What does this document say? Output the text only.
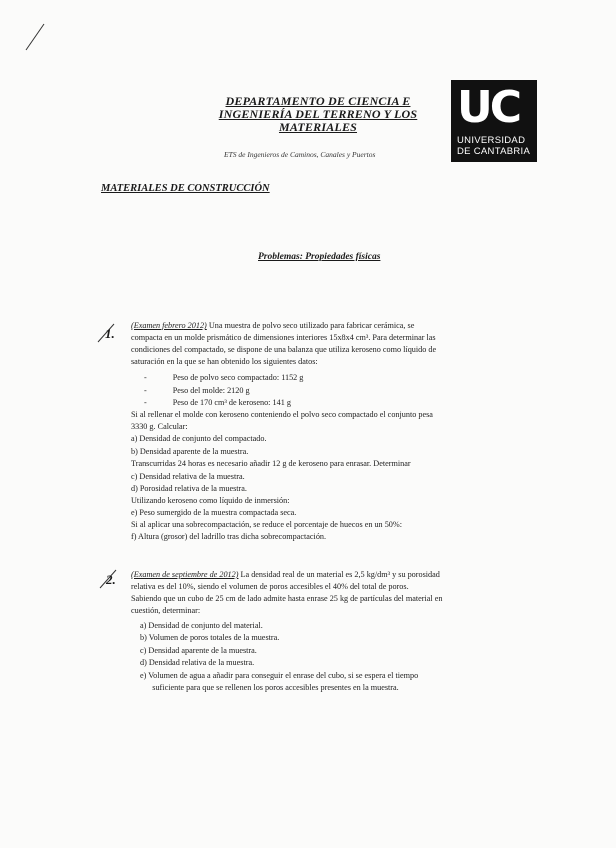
DEPARTAMENTO DE CIENCIA E
INGENIERÍA DEL TERRENO Y LOS
MATERIALES
ETS de Ingenieros de Caminos, Canales y Puertos
UC
UNIVERSIDAD
DE CANTABRIA
MATERIALES DE CONSTRUCCIÓN
Problemas: Propiedades físicas
1.
(Examen febrero 2012) Una muestra de polvo seco utilizado para fabricar cerámica, se
compacta en un molde prismático de dimensiones interiores 15x8x4 cm³. Para determinar las
condiciones del compactado, se dispone de una balanza que utiliza keroseno como líquido de
saturación en la que se han obtenido los siguientes datos:
-	Peso de polvo seco compactado: 1152 g
-	Peso del molde: 2120 g
-	Peso de 170 cm³ de keroseno: 141 g
Si al rellenar el molde con keroseno conteniendo el polvo seco compactado el conjunto pesa
3330 g. Calcular:
a) Densidad de conjunto del compactado.
b) Densidad aparente de la muestra.
Transcurridas 24 horas es necesario añadir 12 g de keroseno para enrasar. Determinar
c) Densidad relativa de la muestra.
d) Porosidad relativa de la muestra.
Utilizando keroseno como líquido de inmersión:
e) Peso sumergido de la muestra compactada seca.
Si al aplicar una sobrecompactación, se reduce el porcentaje de huecos en un 50%:
f) Altura (grosor) del ladrillo tras dicha sobrecompactación.
2. (Examen de septiembre de 2012) La densidad real de un material es 2,5 kg/dm³ y su porosidad
relativa es del 10%, siendo el volumen de poros accesibles el 40% del total de poros.
Sabiendo que un cubo de 25 cm de lado admite hasta enrase 25 kg de partículas del material en
cuestión, determinar:
a) Densidad de conjunto del material.
b) Volumen de poros totales de la muestra.
c) Densidad aparente de la muestra.
d) Densidad relativa de la muestra.
e) Volumen de agua a añadir para conseguir el enrase del cubo, si se espera el tiempo
suficiente para que se rellenen los poros accesibles presentes en la muestra.
